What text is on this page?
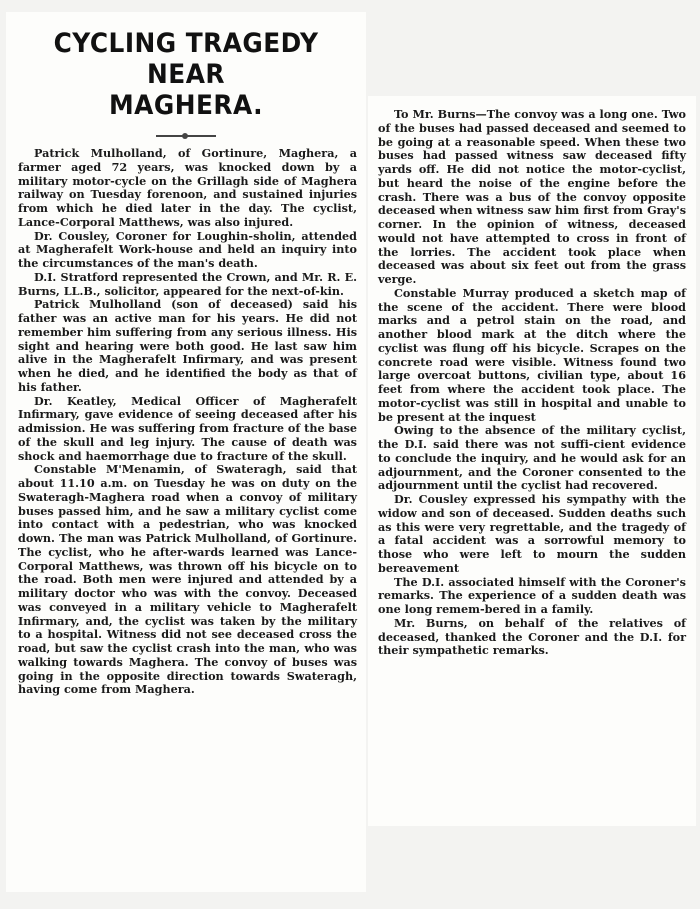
CYCLING TRAGEDY NEAR
MAGHERA.

Patrick Mulholland, of Gortinure, Maghera, a farmer aged 72 years, was knocked down by a military motor-cycle on the Grillagh side of Maghera railway on Tuesday forenoon, and sustained injuries from which he died later in the day. The cyclist, Lance-Corporal Matthews, was also injured.

Dr. Cousley, Coroner for Loughin-sholin, attended at Magherafelt Work-house and held an inquiry into the circumstances of the man's death.

D.I. Stratford represented the Crown, and Mr. R. E. Burns, LL.B., solicitor, appeared for the next-of-kin.

Patrick Mulholland (son of deceased) said his father was an active man for his years. He did not remember him suffering from any serious illness. His sight and hearing were both good. He last saw him alive in the Magherafelt Infirmary, and was present when he died, and he identified the body as that of his father.

Dr. Keatley, Medical Officer of Magherafelt Infirmary, gave evidence of seeing deceased after his admission. He was suffering from fracture of the base of the skull and leg injury. The cause of death was shock and haemorrhage due to fracture of the skull.

Constable M'Menamin, of Swateragh, said that about 11.10 a.m. on Tuesday he was on duty on the Swateragh-Maghera road when a convoy of military buses passed him, and he saw a military cyclist come into contact with a pedestrian, who was knocked down. The man was Patrick Mulholland, of Gortinure. The cyclist, who he after-wards learned was Lance-Corporal Matthews, was thrown off his bicycle on to the road. Both men were injured and attended by a military doctor who was with the convoy. Deceased was conveyed in a military vehicle to Magherafelt Infirmary, and, the cyclist was taken by the military to a hospital. Witness did not see deceased cross the road, but saw the cyclist crash into the man, who was walking towards Maghera. The convoy of buses was going in the opposite direction towards Swateragh, having come from Maghera.

To Mr. Burns—The convoy was a long one. Two of the buses had passed deceased and seemed to be going at a reasonable speed. When these two buses had passed witness saw deceased fifty yards off. He did not notice the motor-cyclist, but heard the noise of the engine before the crash. There was a bus of the convoy opposite deceased when witness saw him first from Gray's corner. In the opinion of witness, deceased would not have attempted to cross in front of the lorries. The accident took place when deceased was about six feet out from the grass verge.

Constable Murray produced a sketch map of the scene of the accident. There were blood marks and a petrol stain on the road, and another blood mark at the ditch where the cyclist was flung off his bicycle. Scrapes on the concrete road were visible. Witness found two large overcoat buttons, civilian type, about 16 feet from where the accident took place. The motor-cyclist was still in hospital and unable to be present at the inquest

Owing to the absence of the military cyclist, the D.I. said there was not suffi-cient evidence to conclude the inquiry, and he would ask for an adjournment, and the Coroner consented to the adjournment until the cyclist had recovered.

Dr. Cousley expressed his sympathy with the widow and son of deceased. Sudden deaths such as this were very regrettable, and the tragedy of a fatal accident was a sorrowful memory to those who were left to mourn the sudden bereavement

The D.I. associated himself with the Coroner's remarks. The experience of a sudden death was one long remem-bered in a family.

Mr. Burns, on behalf of the relatives of deceased, thanked the Coroner and the D.I. for their sympathetic remarks.
